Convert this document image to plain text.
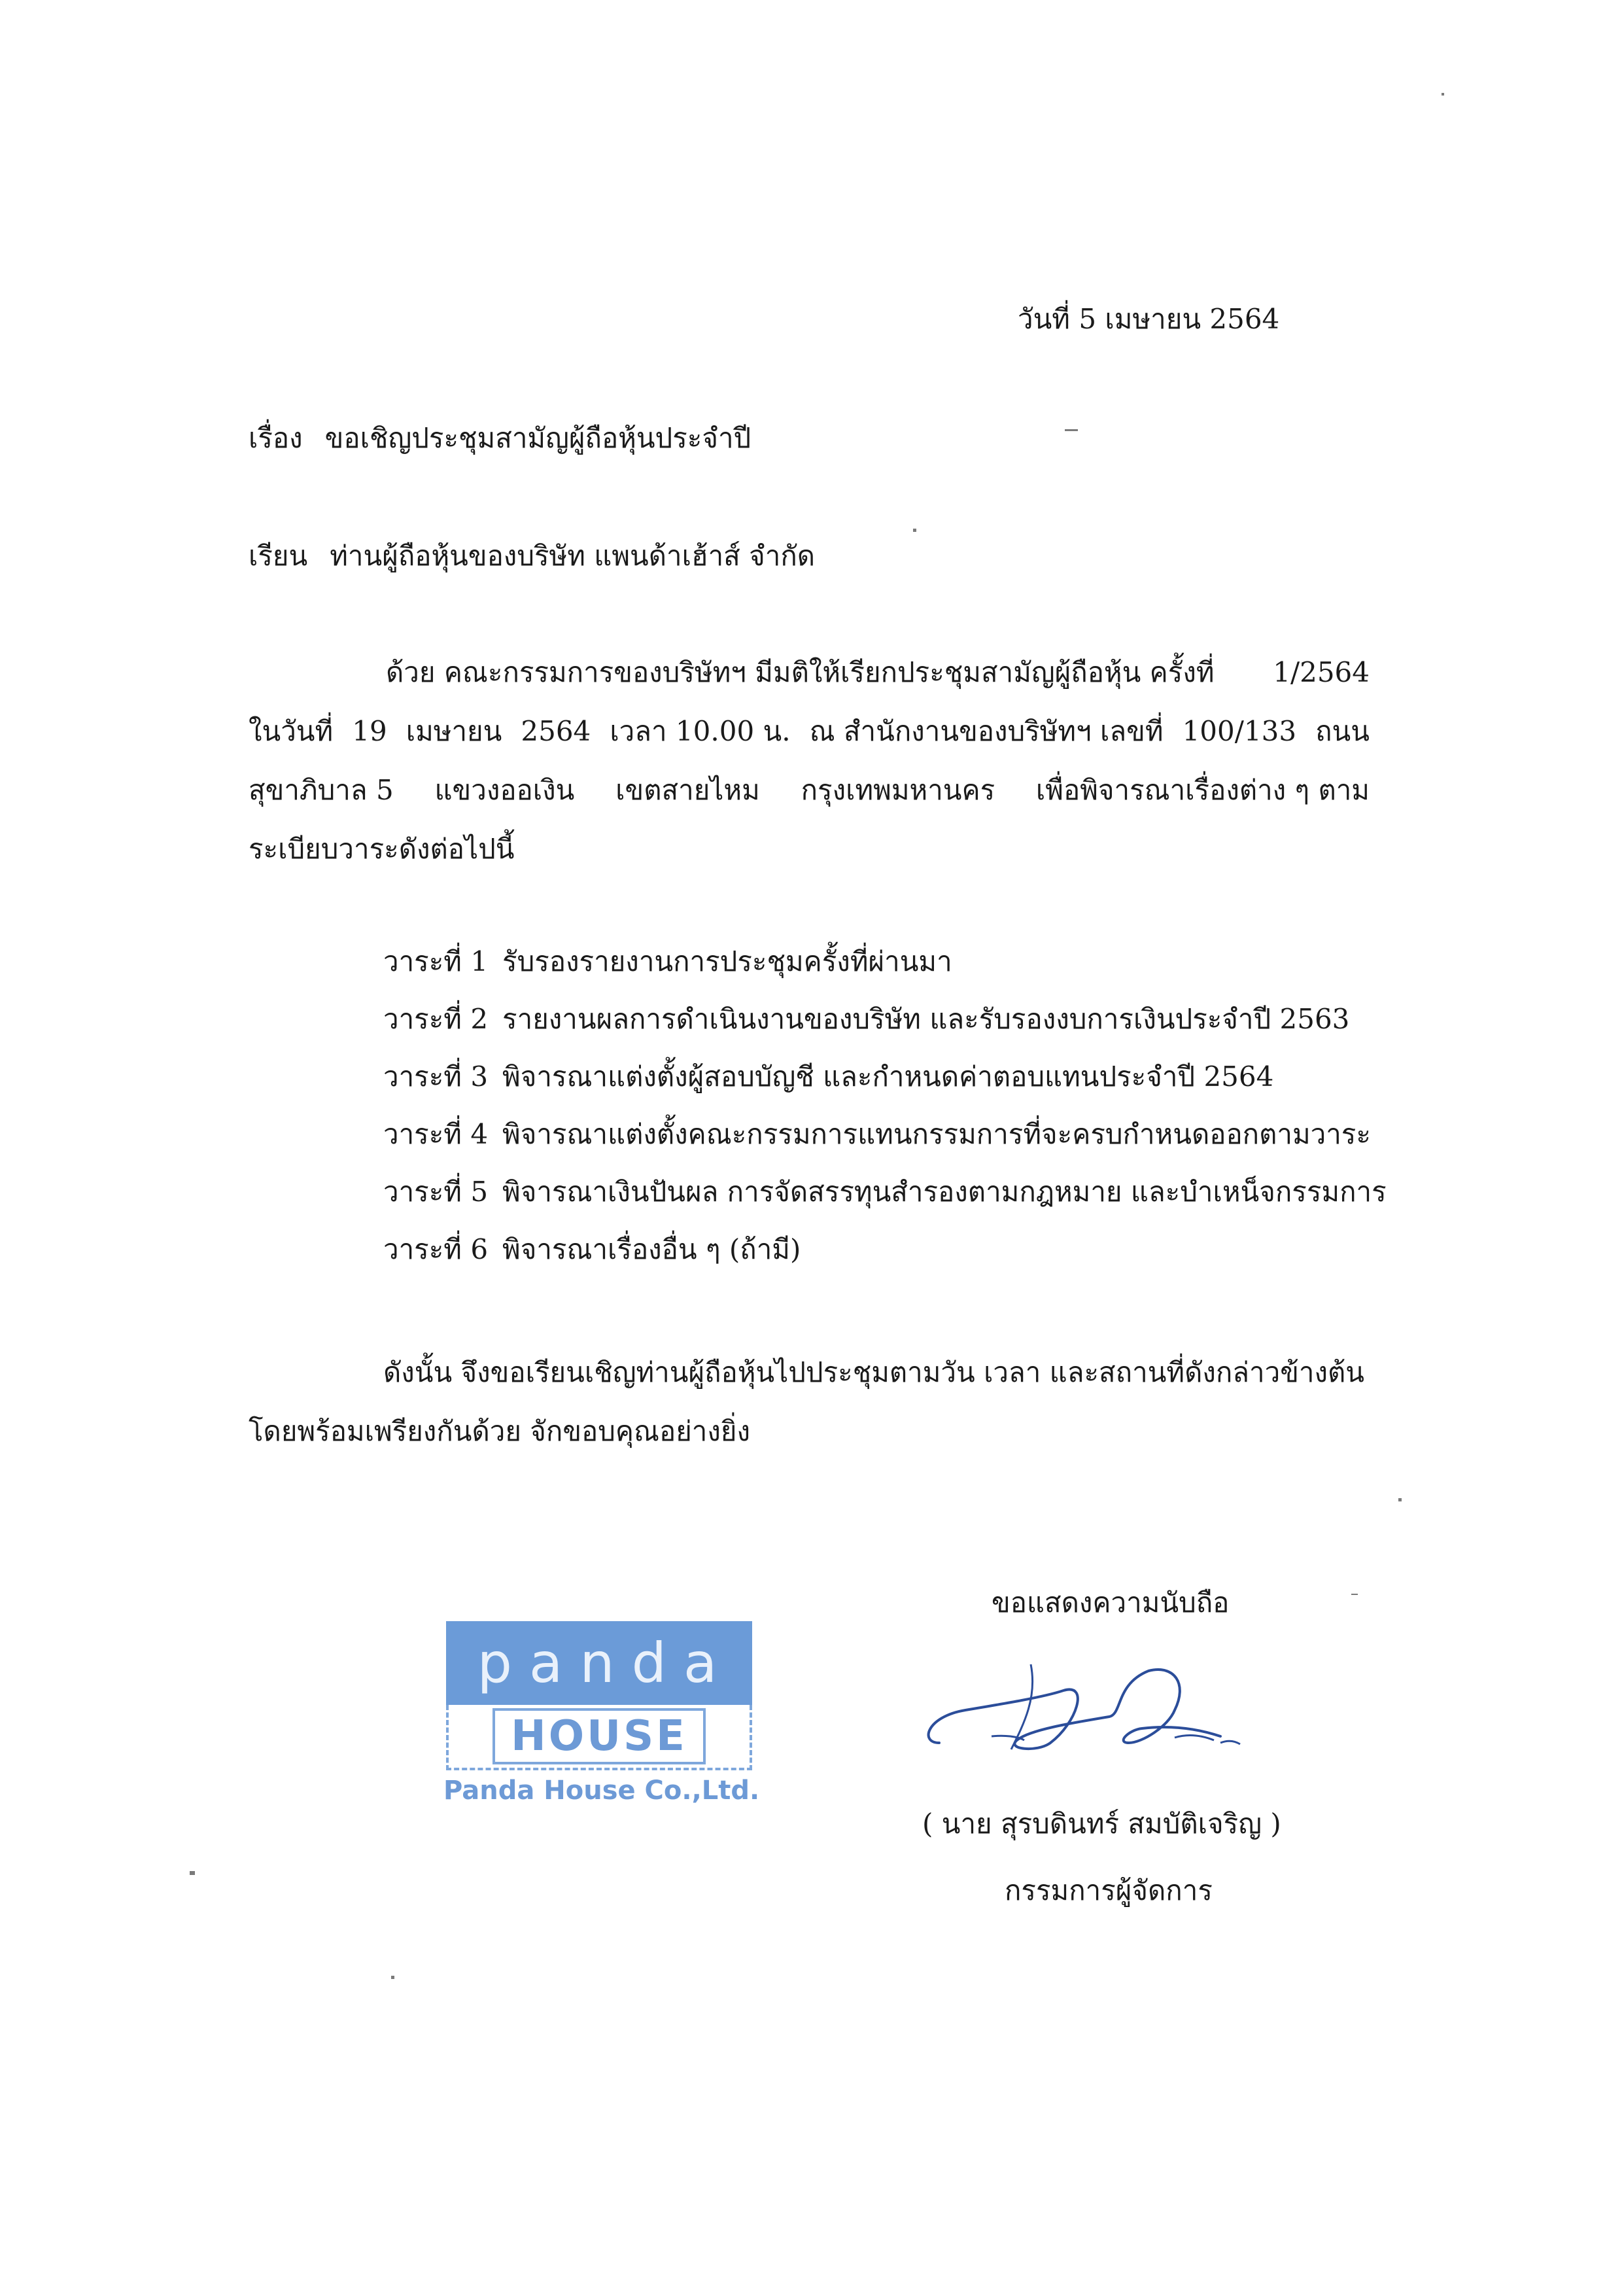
วันที่ 5 เมษายน 2564
เรื่อง ขอเชิญประชุมสามัญผู้ถือหุ้นประจำปี
เรียน ท่านผู้ถือหุ้นของบริษัท แพนด้าเฮ้าส์ จำกัด
ด้วย คณะกรรมการของบริษัทฯ มีมติให้เรียกประชุมสามัญผู้ถือหุ้น ครั้งที่ 1/2564
ในวันที่ 19 เมษายน 2564 เวลา 10.00 น. ณ สำนักงานของบริษัทฯ เลขที่ 100/133 ถนน
สุขาภิบาล 5 แขวงออเงิน เขตสายไหม กรุงเทพมหานคร เพื่อพิจารณาเรื่องต่าง ๆ ตาม
ระเบียบวาระดังต่อไปนี้
วาระที่ 1 รับรองรายงานการประชุมครั้งที่ผ่านมา
วาระที่ 2 รายงานผลการดำเนินงานของบริษัท และรับรองงบการเงินประจำปี 2563
วาระที่ 3 พิจารณาแต่งตั้งผู้สอบบัญชี และกำหนดค่าตอบแทนประจำปี 2564
วาระที่ 4 พิจารณาแต่งตั้งคณะกรรมการแทนกรรมการที่จะครบกำหนดออกตามวาระ
วาระที่ 5 พิจารณาเงินปันผล การจัดสรรทุนสำรองตามกฎหมาย และบำเหน็จกรรมการ
วาระที่ 6 พิจารณาเรื่องอื่น ๆ (ถ้ามี)
ดังนั้น จึงขอเรียนเชิญท่านผู้ถือหุ้นไปประชุมตามวัน เวลา และสถานที่ดังกล่าวข้างต้น
โดยพร้อมเพรียงกันด้วย จักขอบคุณอย่างยิ่ง
ขอแสดงความนับถือ
panda
HOUSE
Panda House Co.,Ltd.
( นาย สุรบดินทร์ สมบัติเจริญ )
กรรมการผู้จัดการ
